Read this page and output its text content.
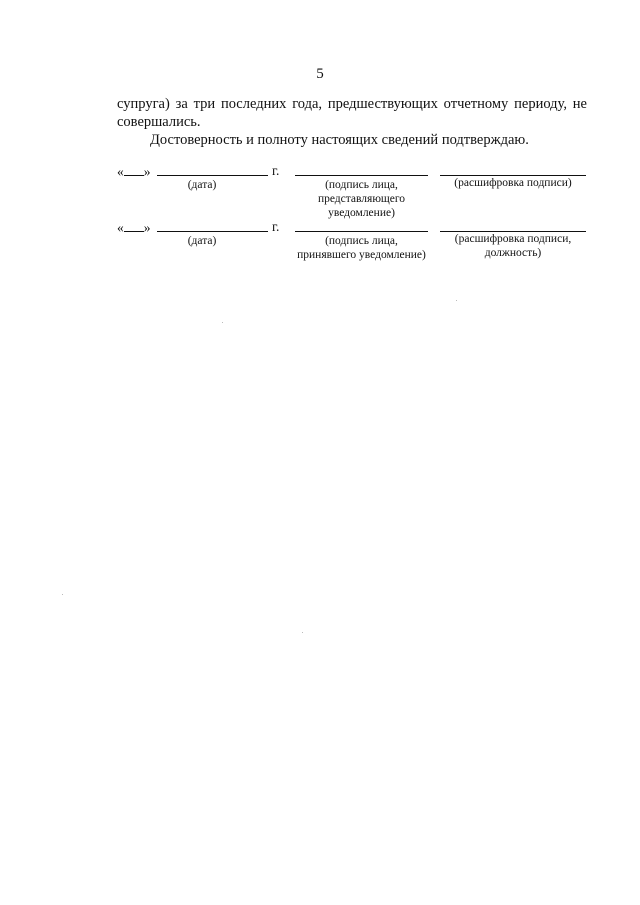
5
супруга) за три последних года, предшествующих отчетному периоду, не совершались.
Достоверность и полноту настоящих сведений подтверждаю.
« »	г.
(дата)	(подпись лица, представляющего уведомление)
(расшифровка подписи)
« »	г.
(дата)	(подпись лица, принявшего уведомление)
(расшифровка подписи, должность)
